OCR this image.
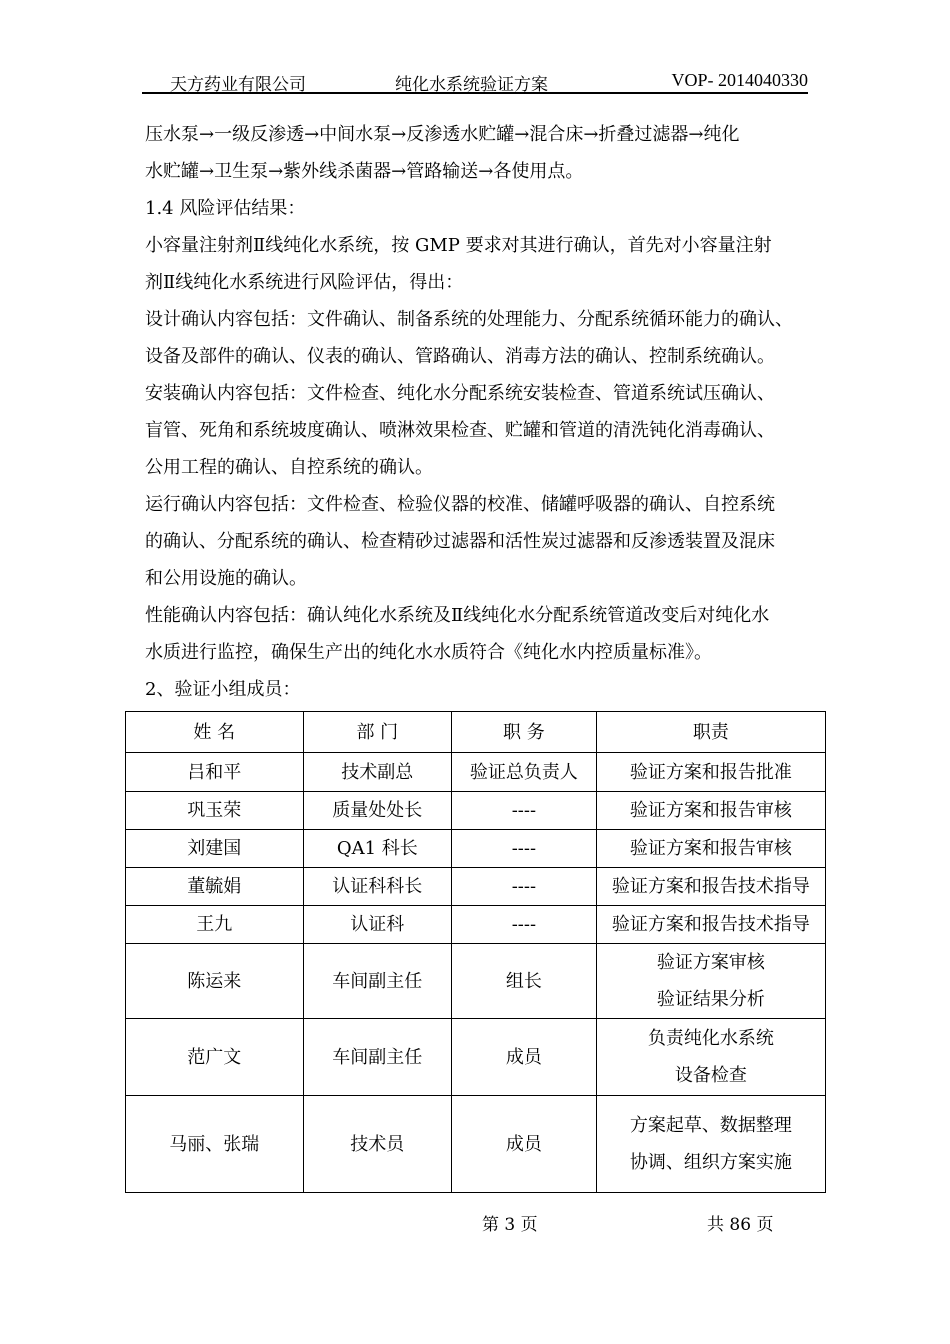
天方药业有限公司	纯化水系统验证方案	VOP- 2014040330

压水泵→一级反渗透→中间水泵→反渗透水贮罐→混合床→折叠过滤器→纯化

水贮罐→卫生泵→紫外线杀菌器→管路输送→各使用点。

1.4 风险评估结果：

小容量注射剂Ⅱ线纯化水系统，按 GMP 要求对其进行确认，首先对小容量注射

剂Ⅱ线纯化水系统进行风险评估，得出：

设计确认内容包括：文件确认、制备系统的处理能力、分配系统循环能力的确认、

设备及部件的确认、仪表的确认、管路确认、消毒方法的确认、控制系统确认。

安装确认内容包括：文件检查、纯化水分配系统安装检查、管道系统试压确认、

盲管、死角和系统坡度确认、喷淋效果检查、贮罐和管道的清洗钝化消毒确认、

公用工程的确认、自控系统的确认。

运行确认内容包括：文件检查、检验仪器的校准、储罐呼吸器的确认、自控系统

的确认、分配系统的确认、检查精砂过滤器和活性炭过滤器和反渗透装置及混床

和公用设施的确认。

性能确认内容包括：确认纯化水系统及Ⅱ线纯化水分配系统管道改变后对纯化水

水质进行监控，确保生产出的纯化水水质符合《纯化水内控质量标准》。

2、验证小组成员：

姓 名	部 门	职 务	职责
吕和平	技术副总	验证总负责人	验证方案和报告批准
巩玉荣	质量处处长	----	验证方案和报告审核
刘建国	QA1 科长	----	验证方案和报告审核
董毓娟	认证科科长	----	验证方案和报告技术指导
王九	认证科	----	验证方案和报告技术指导
陈运来	车间副主任	组长	验证方案审核
验证结果分析

范广文	车间副主任	成员	负责纯化水系统
设备检查

马丽、张瑞	技术员	成员	方案起草、数据整理
协调、组织方案实施
第 3 页	共 86 页
